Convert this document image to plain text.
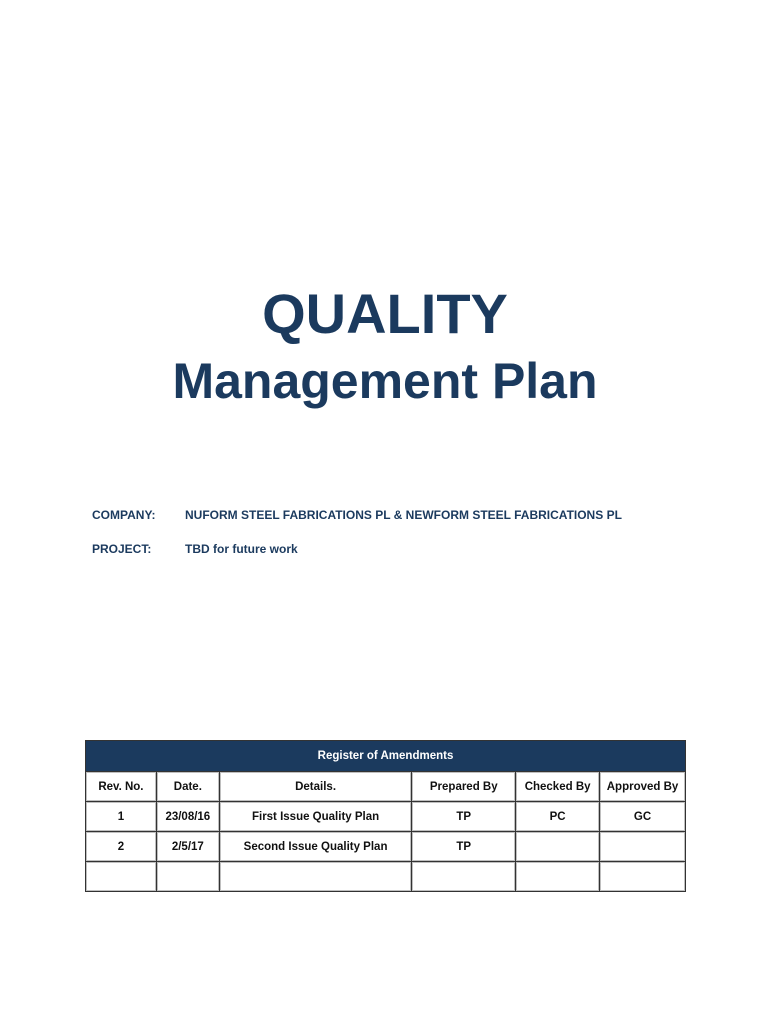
QUALITY
Management Plan
COMPANY: NUFORM STEEL FABRICATIONS PL & NEWFORM STEEL FABRICATIONS PL
PROJECT:	TBD for future work
Register of Amendments					
Rev. No.	Date.	Details.	Prepared By	Checked By	Approved By
1	23/08/16	First Issue Quality Plan	TP	PC	GC
2	2/5/17	Second Issue Quality Plan	TP		
